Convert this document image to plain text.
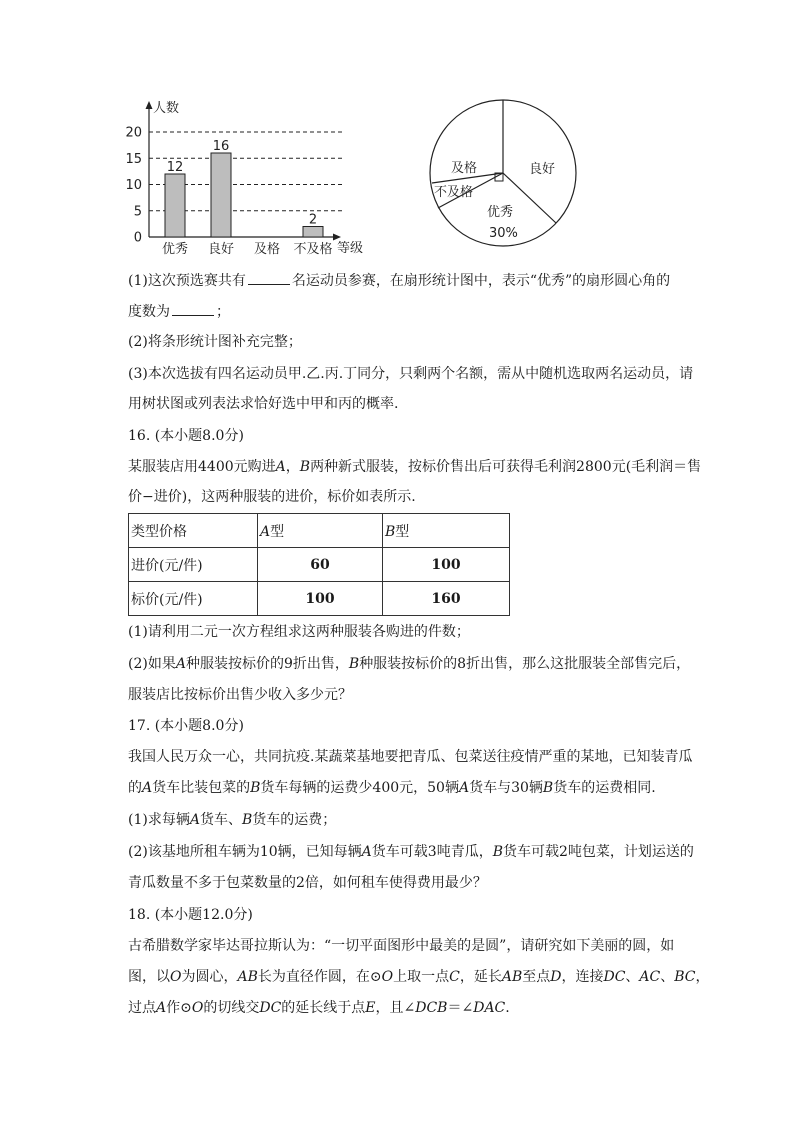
人数
等级
0
5
10
15
20
12
16
2
优秀 良好 及格 不及格
良好
优秀
30%
不及格
及格
(1)这次预选赛共有	名运动员参赛，在扇形统计图中，表示“优秀”的扇形圆心角的
度数为	；
(2)将条形统计图补充完整；
(3)本次选拔有四名运动员甲.乙.丙.丁同分，只剩两个名额，需从中随机选取两名运动员，请
用树状图或列表法求恰好选中甲和丙的概率.
16. (本小题8.0分)
某服装店用4400元购进A，B两种新式服装，按标价售出后可获得毛利润2800元(毛利润＝售
价−进价)，这两种服装的进价，标价如表所示.
类型价格	A型	B型
进价(元/件)	60	100
标价(元/件)	100	160
(1)请利用二元一次方程组求这两种服装各购进的件数；
(2)如果A种服装按标价的9折出售，B种服装按标价的8折出售，那么这批服装全部售完后，
服装店比按标价出售少收入多少元？
17. (本小题8.0分)
我国人民万众一心，共同抗疫.某蔬菜基地要把青瓜、包菜送往疫情严重的某地，已知装青瓜
的A货车比装包菜的B货车每辆的运费少400元，50辆A货车与30辆B货车的运费相同.
(1)求每辆A货车、B货车的运费；
(2)该基地所租车辆为10辆，已知每辆A货车可载3吨青瓜，B货车可载2吨包菜，计划运送的
青瓜数量不多于包菜数量的2倍，如何租车使得费用最少？
18. (本小题12.0分)
古希腊数学家毕达哥拉斯认为：“一切平面图形中最美的是圆”，请研究如下美丽的圆，如
图，以O为圆心，AB长为直径作圆，在⊙O上取一点C，延长AB至点D，连接DC、AC、BC，
过点A作⊙O的切线交DC的延长线于点E，且∠DCB＝∠DAC.
